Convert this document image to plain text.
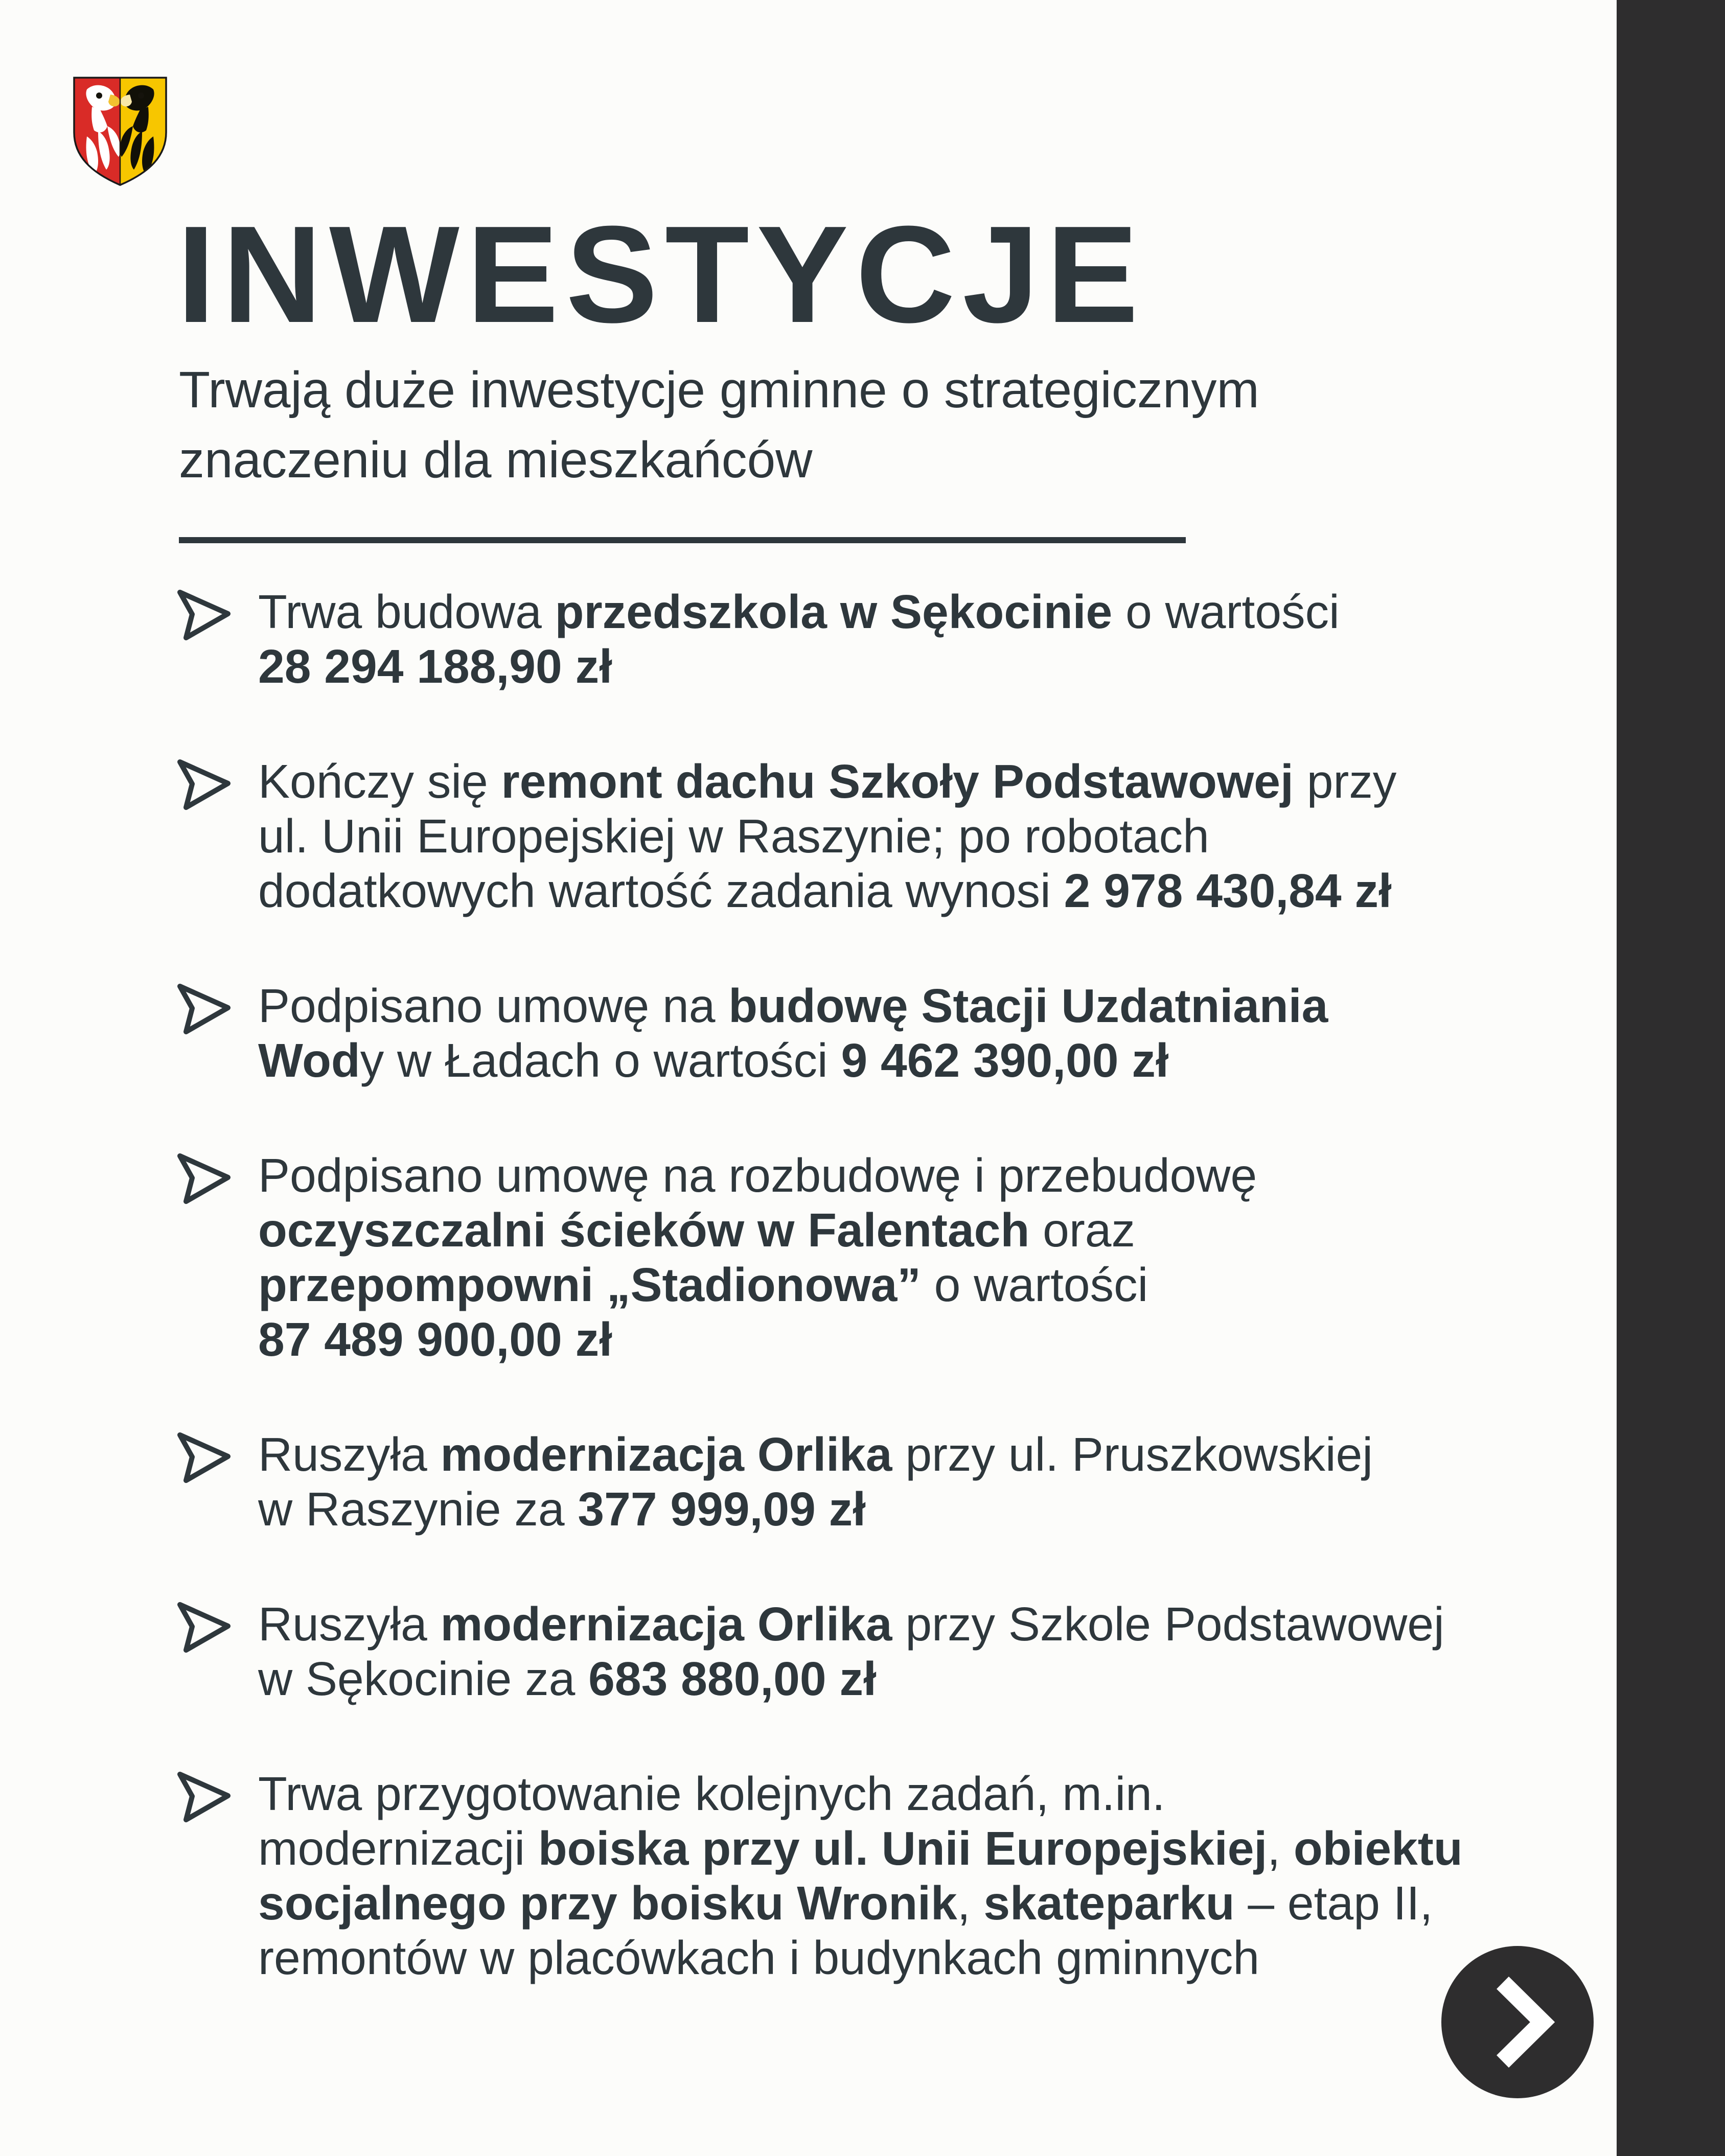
INWESTYCJE
Trwają duże inwestycje gminne o strategicznym
znaczeniu dla mieszkańców
Trwa budowa przedszkola w Sękocinie o wartości
28 294 188,90 zł
Kończy się remont dachu Szkoły Podstawowej przy
ul. Unii Europejskiej w Raszynie; po robotach
dodatkowych wartość zadania wynosi 2 978 430,84 zł
Podpisano umowę na budowę Stacji Uzdatniania
Wody w Ładach o wartości 9 462 390,00 zł
Podpisano umowę na rozbudowę i przebudowę
oczyszczalni ścieków w Falentach oraz
przepompowni „Stadionowa” o wartości
87 489 900,00 zł
Ruszyła modernizacja Orlika przy ul. Pruszkowskiej
w Raszynie za 377 999,09 zł
Ruszyła modernizacja Orlika przy Szkole Podstawowej
w Sękocinie za 683 880,00 zł
Trwa przygotowanie kolejnych zadań, m.in.
modernizacji boiska przy ul. Unii Europejskiej, obiektu
socjalnego przy boisku Wronik, skateparku – etap II,
remontów w placówkach i budynkach gminnych
